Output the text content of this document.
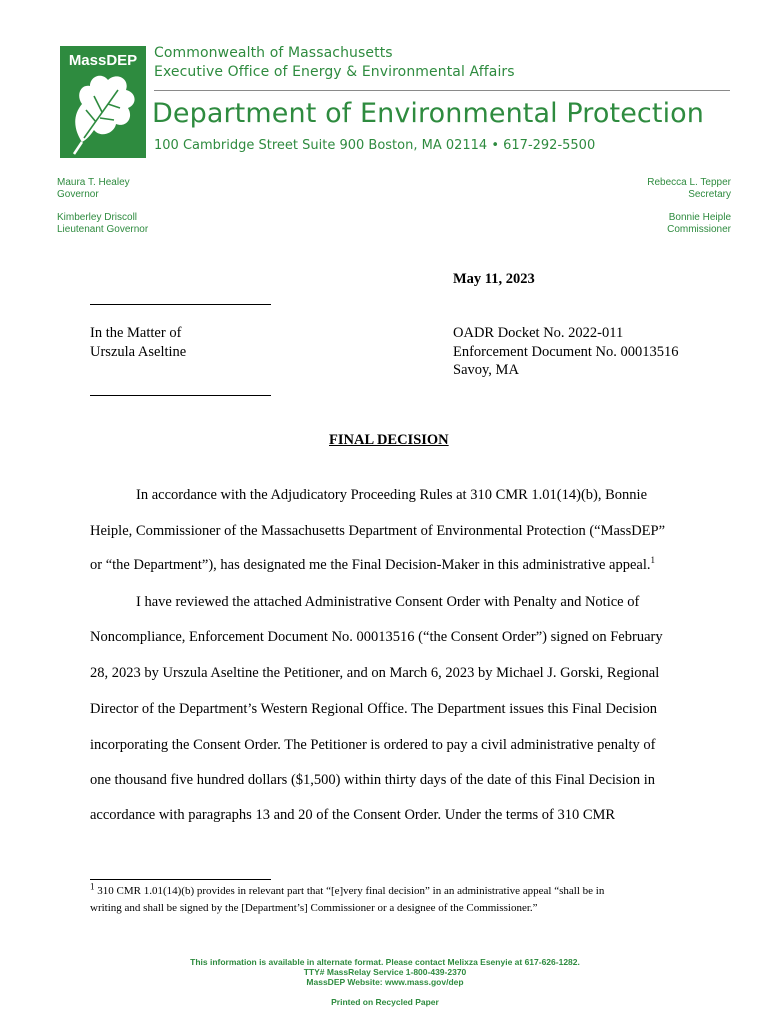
MassDEP Commonwealth of Massachusetts
Executive Office of Energy & Environmental Affairs
Department of Environmental Protection
100 Cambridge Street Suite 900 Boston, MA 02114 • 617-292-5500
Maura T. Healey
Governor
Kimberley Driscoll
Lieutenant Governor
Rebecca L. Tepper
Secretary
Bonnie Heiple
Commissioner
May 11, 2023
In the Matter of
Urszula Aseltine
OADR Docket No. 2022-011
Enforcement Document No. 00013516
Savoy, MA
FINAL DECISION
In accordance with the Adjudicatory Proceeding Rules at 310 CMR 1.01(14)(b), Bonnie
Heiple, Commissioner of the Massachusetts Department of Environmental Protection (“MassDEP”
or “the Department”), has designated me the Final Decision-Maker in this administrative appeal.$^1$
I have reviewed the attached Administrative Consent Order with Penalty and Notice of
Noncompliance, Enforcement Document No. 00013516 (“the Consent Order”) signed on February
28, 2023 by Urszula Aseltine the Petitioner, and on March 6, 2023 by Michael J. Gorski, Regional
Director of the Department’s Western Regional Office. The Department issues this Final Decision
incorporating the Consent Order. The Petitioner is ordered to pay a civil administrative penalty of
one thousand five hundred dollars ($1,500) within thirty days of the date of this Final Decision in
accordance with paragraphs 13 and 20 of the Consent Order. Under the terms of 310 CMR
$^1$ 310 CMR 1.01(14)(b) provides in relevant part that “[e]very final decision” in an administrative appeal “shall be in
writing and shall be signed by the [Department’s] Commissioner or a designee of the Commissioner.”
This information is available in alternate format. Please contact Melixza Esenyie at 617-626-1282.
TTY# MassRelay Service 1-800-439-2370
MassDEP Website: www.mass.gov/dep
Printed on Recycled Paper
